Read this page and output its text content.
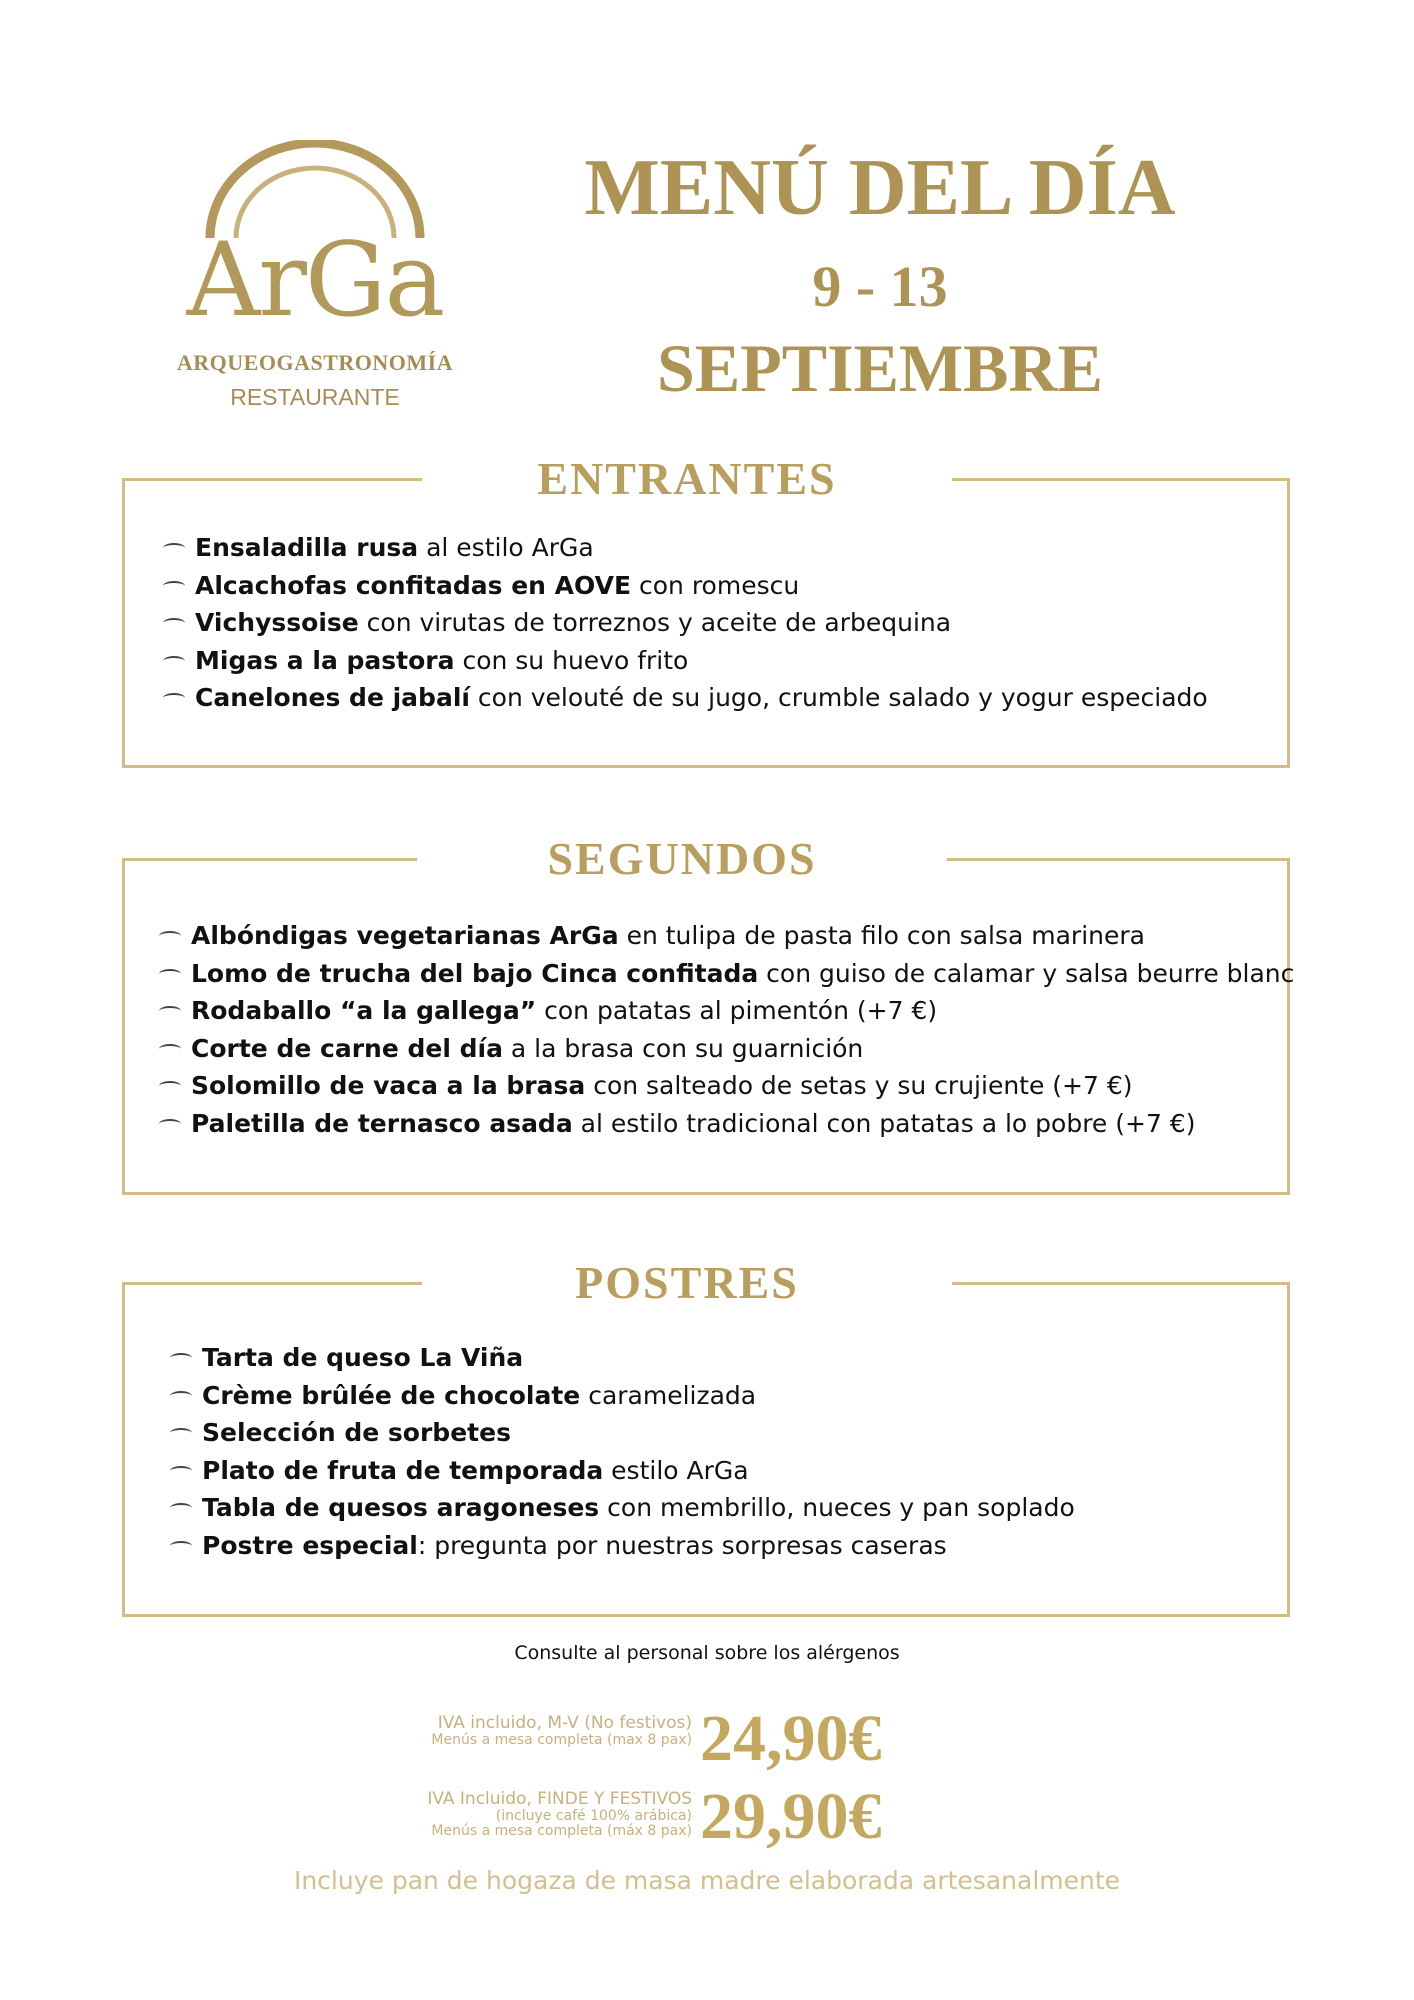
ArGa
ARQUEOGASTRONOMÍA
RESTAURANTE
MENÚ DEL DÍA
9 - 13
SEPTIEMBRE
ENTRANTES
Ensaladilla rusa al estilo ArGa
Alcachofas confitadas en AOVE con romescu
Vichyssoise con virutas de torreznos y aceite de arbequina
Migas a la pastora con su huevo frito
Canelones de jabalí con velouté de su jugo, crumble salado y yogur especiado
SEGUNDOS
Albóndigas vegetarianas ArGa en tulipa de pasta filo con salsa marinera
Lomo de trucha del bajo Cinca confitada con guiso de calamar y salsa beurre blanc
Rodaballo “a la gallega” con patatas al pimentón (+7 €)
Corte de carne del día a la brasa con su guarnición
Solomillo de vaca a la brasa con salteado de setas y su crujiente (+7 €)
Paletilla de ternasco asada al estilo tradicional con patatas a lo pobre (+7 €)
POSTRES
Tarta de queso La Viña
Crème brûlée de chocolate caramelizada
Selección de sorbetes
Plato de fruta de temporada estilo ArGa
Tabla de quesos aragoneses con membrillo, nueces y pan soplado
Postre especial: pregunta por nuestras sorpresas caseras
Consulte al personal sobre los alérgenos
IVA incluido, M-V (No festivos)
Menús a mesa completa (max 8 pax) 24,90€
IVA Incluido, FINDE Y FESTIVOS
(incluye café 100% arábica)
Menús a mesa completa (máx 8 pax) 29,90€
Incluye pan de hogaza de masa madre elaborada artesanalmente
